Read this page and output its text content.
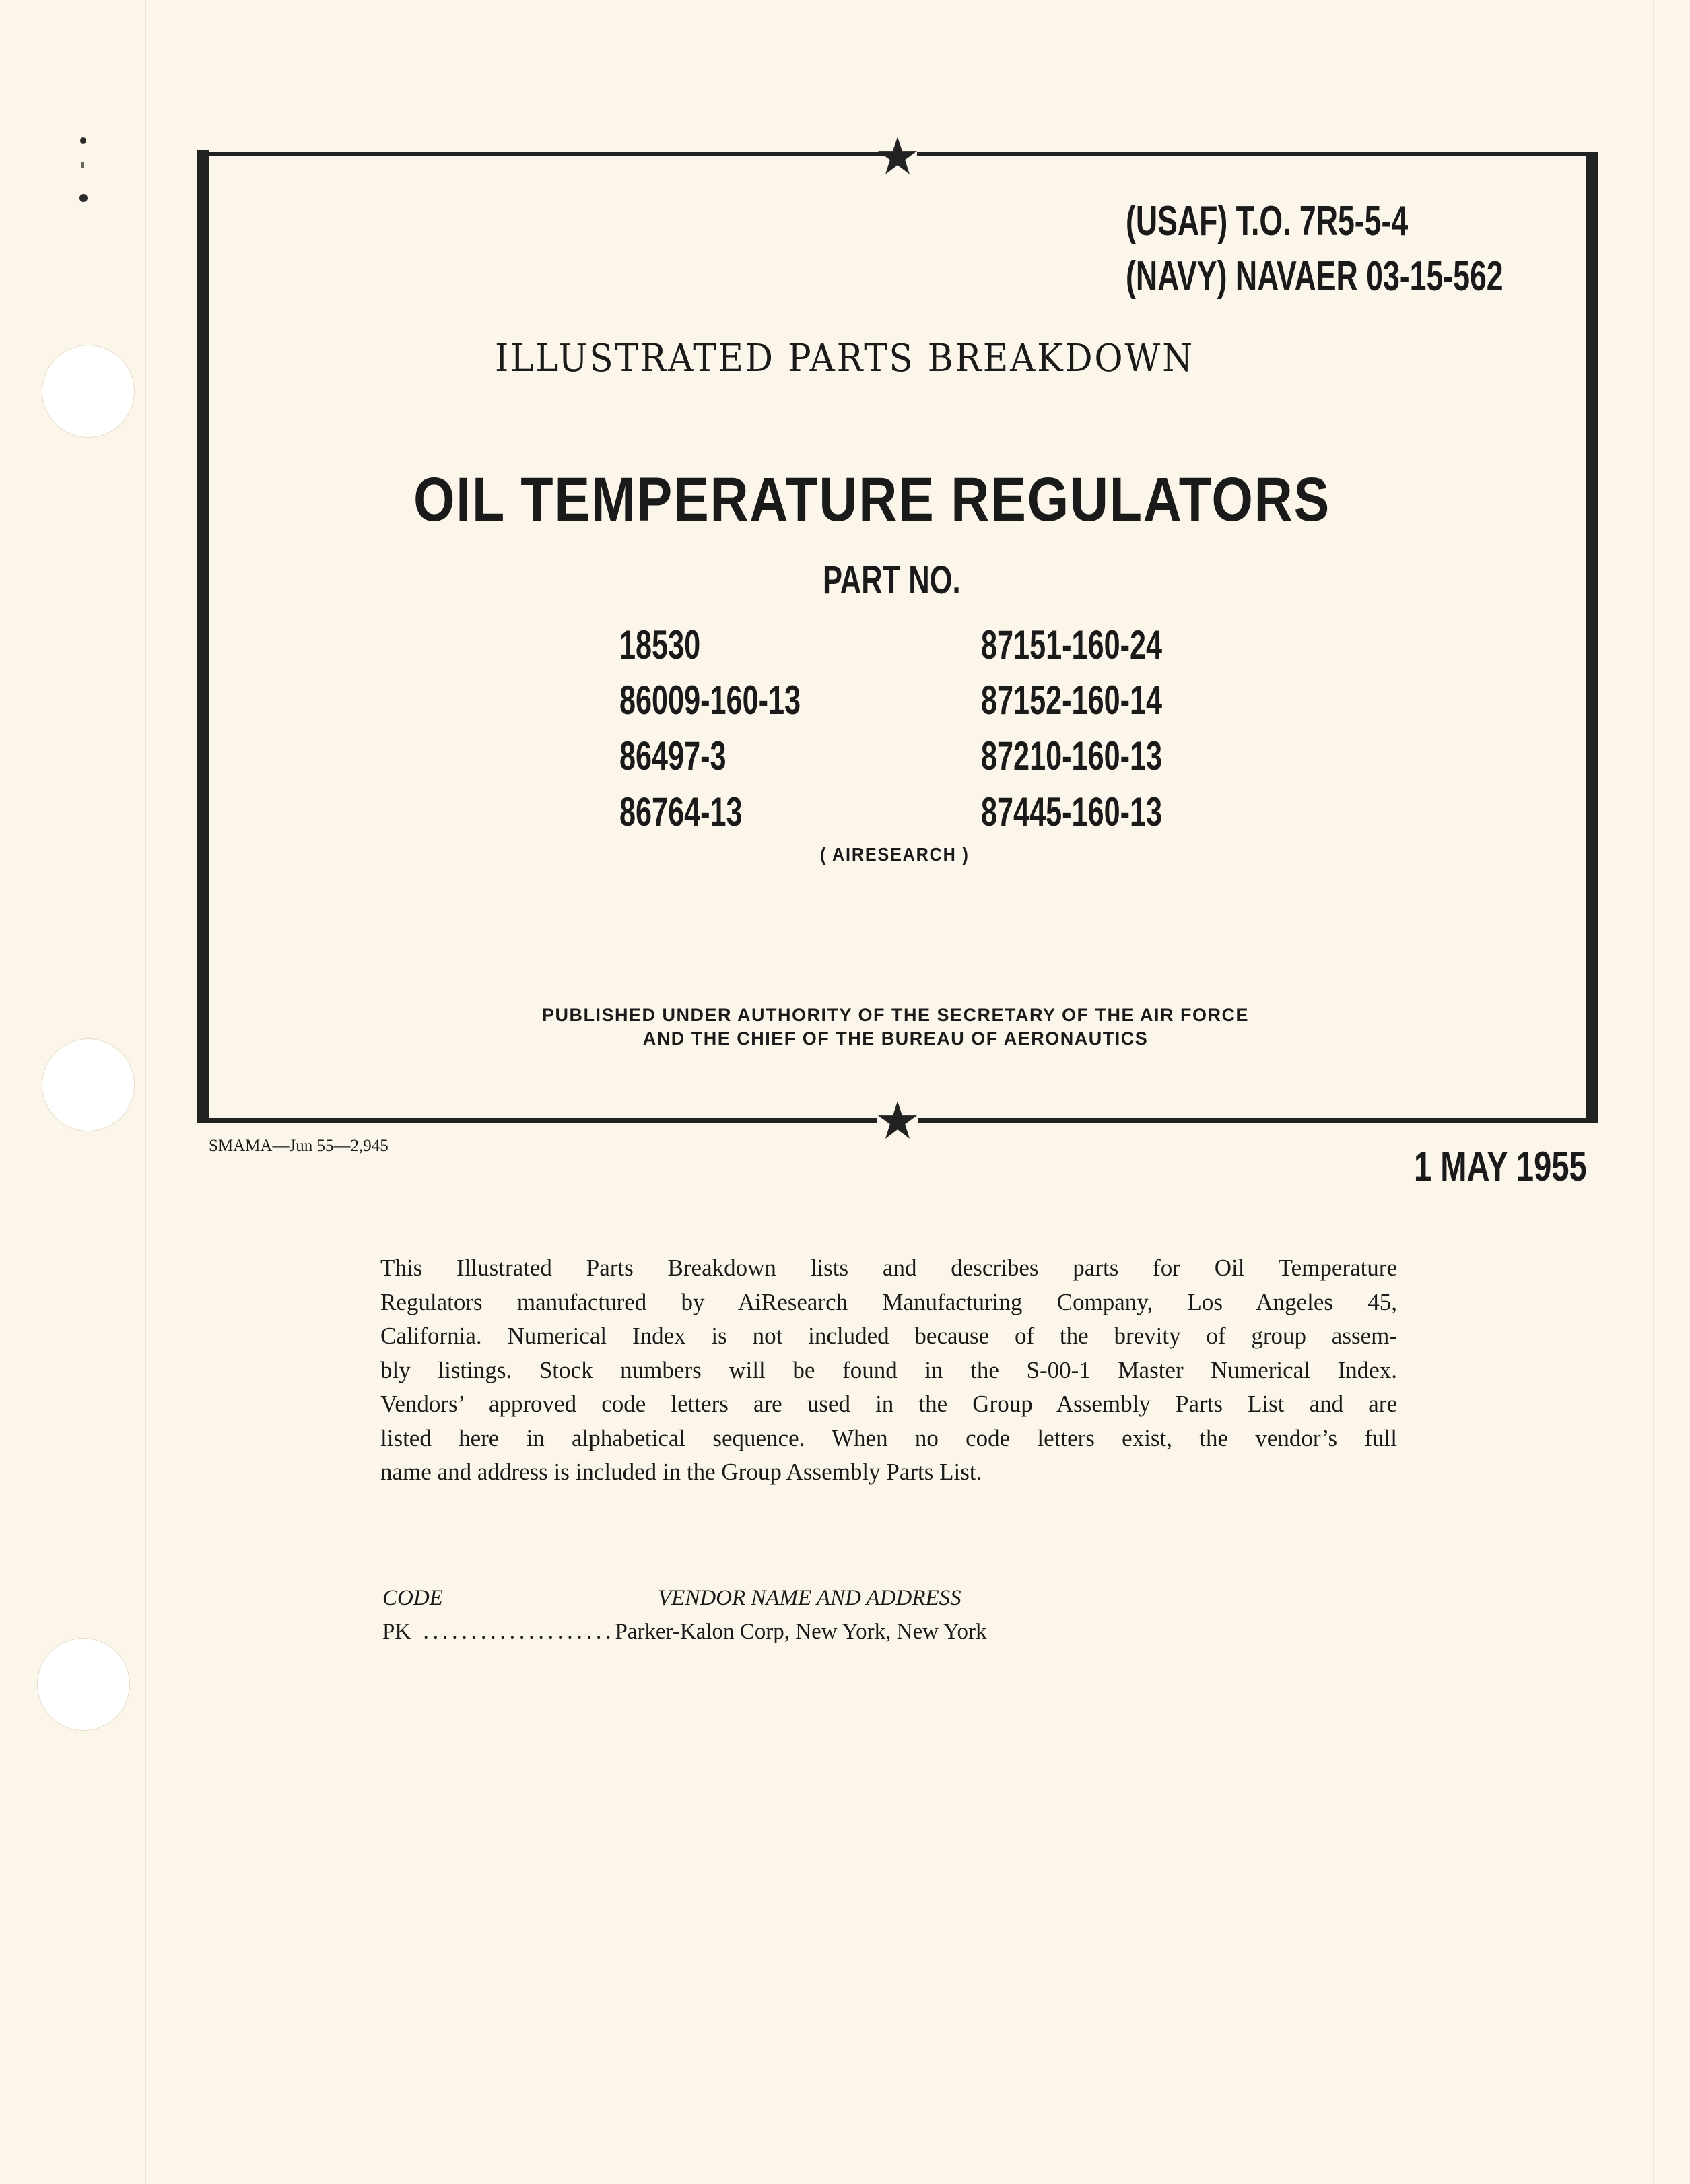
(USAF) T.O. 7R5-5-4
(NAVY) NAVAER 03-15-562
ILLUSTRATED PARTS BREAKDOWN
OIL TEMPERATURE REGULATORS
PART NO.
18530
86009-160-13
86497-3
86764-13
87151-160-24
87152-160-14
87210-160-13
87445-160-13
( AIRESEARCH )
PUBLISHED UNDER AUTHORITY OF THE SECRETARY OF THE AIR FORCE
AND THE CHIEF OF THE BUREAU OF AERONAUTICS
SMAMA—Jun 55—2,945	1 MAY 1955
This Illustrated Parts Breakdown lists and describes parts for Oil Temperature
Regulators manufactured by AiResearch Manufacturing Company, Los Angeles 45,
California. Numerical Index is not included because of the brevity of group assem-
bly listings. Stock numbers will be found in the S-00-1 Master Numerical Index.
Vendors’ approved code letters are used in the Group Assembly Parts List and are
listed here in alphabetical sequence. When no code letters exist, the vendor’s full
name and address is included in the Group Assembly Parts List.
CODE	VENDOR NAME AND ADDRESS
PK ....................Parker-Kalon Corp, New York, New York
